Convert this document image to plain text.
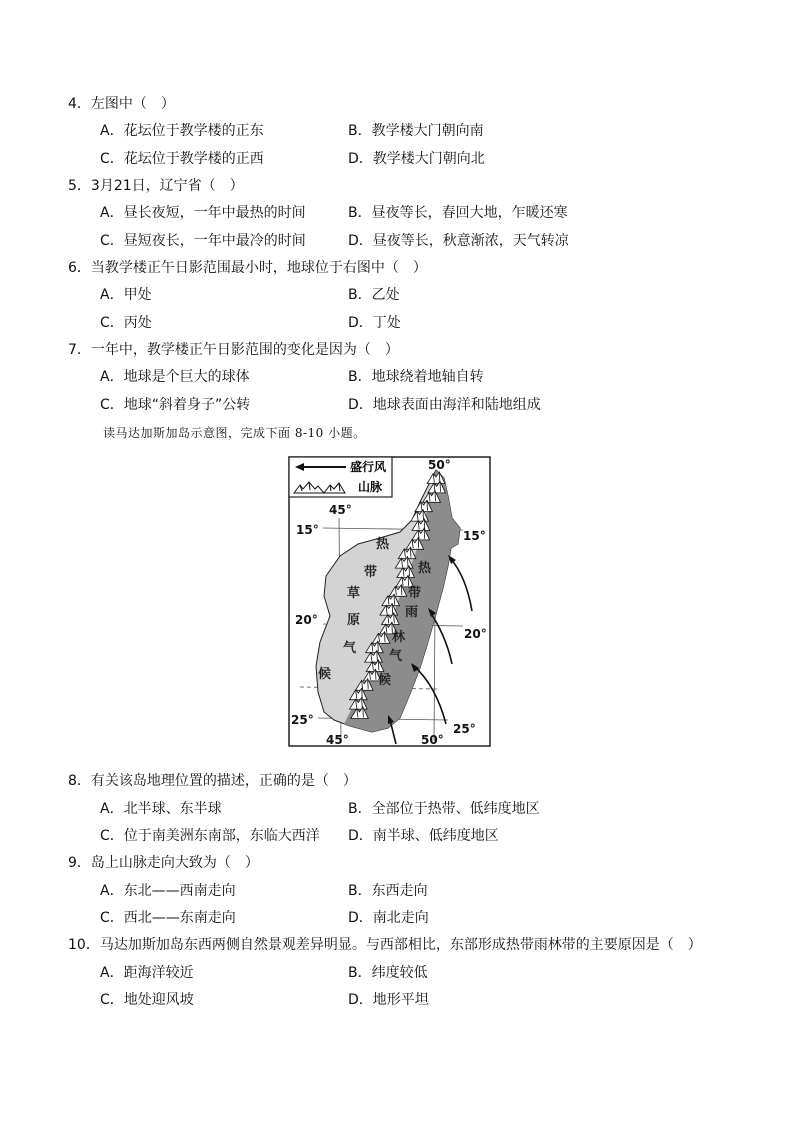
4．左图中（　）
A．花坛位于教学楼的正东	B．教学楼大门朝向南
C．花坛位于教学楼的正西	D．教学楼大门朝向北
5．3月21日，辽宁省（　）
A．昼长夜短，一年中最热的时间	B．昼夜等长，春回大地，乍暖还寒
C．昼短夜长，一年中最冷的时间	D．昼夜等长，秋意渐浓，天气转凉
6．当教学楼正午日影范围最小时，地球位于右图中（　）
A．甲处	B．乙处
C．丙处	D．丁处
7．一年中，教学楼正午日影范围的变化是因为（　）
A．地球是个巨大的球体	B．地球绕着地轴自转
C．地球“斜着身子”公转	D．地球表面由海洋和陆地组成
读马达加斯加岛示意图，完成下面 8-10 小题。
盛行风
山脉
热
带
草
原
气
候
热
带
雨
林
气
候
50°
45°
15°	15°
20°
20°
25°
25°
45°	50°
8．有关该岛地理位置的描述，正确的是（　）
A．北半球、东半球	B．全部位于热带、低纬度地区
C．位于南美洲东南部，东临大西洋 D．南半球、低纬度地区
9．岛上山脉走向大致为（　）
A．东北——西南走向	B．东西走向
C．西北——东南走向	D．南北走向
10．马达加斯加岛东西两侧自然景观差异明显。与西部相比，东部形成热带雨林带的主要原因是（　）
A．距海洋较近	B．纬度较低
C．地处迎风坡	D．地形平坦
